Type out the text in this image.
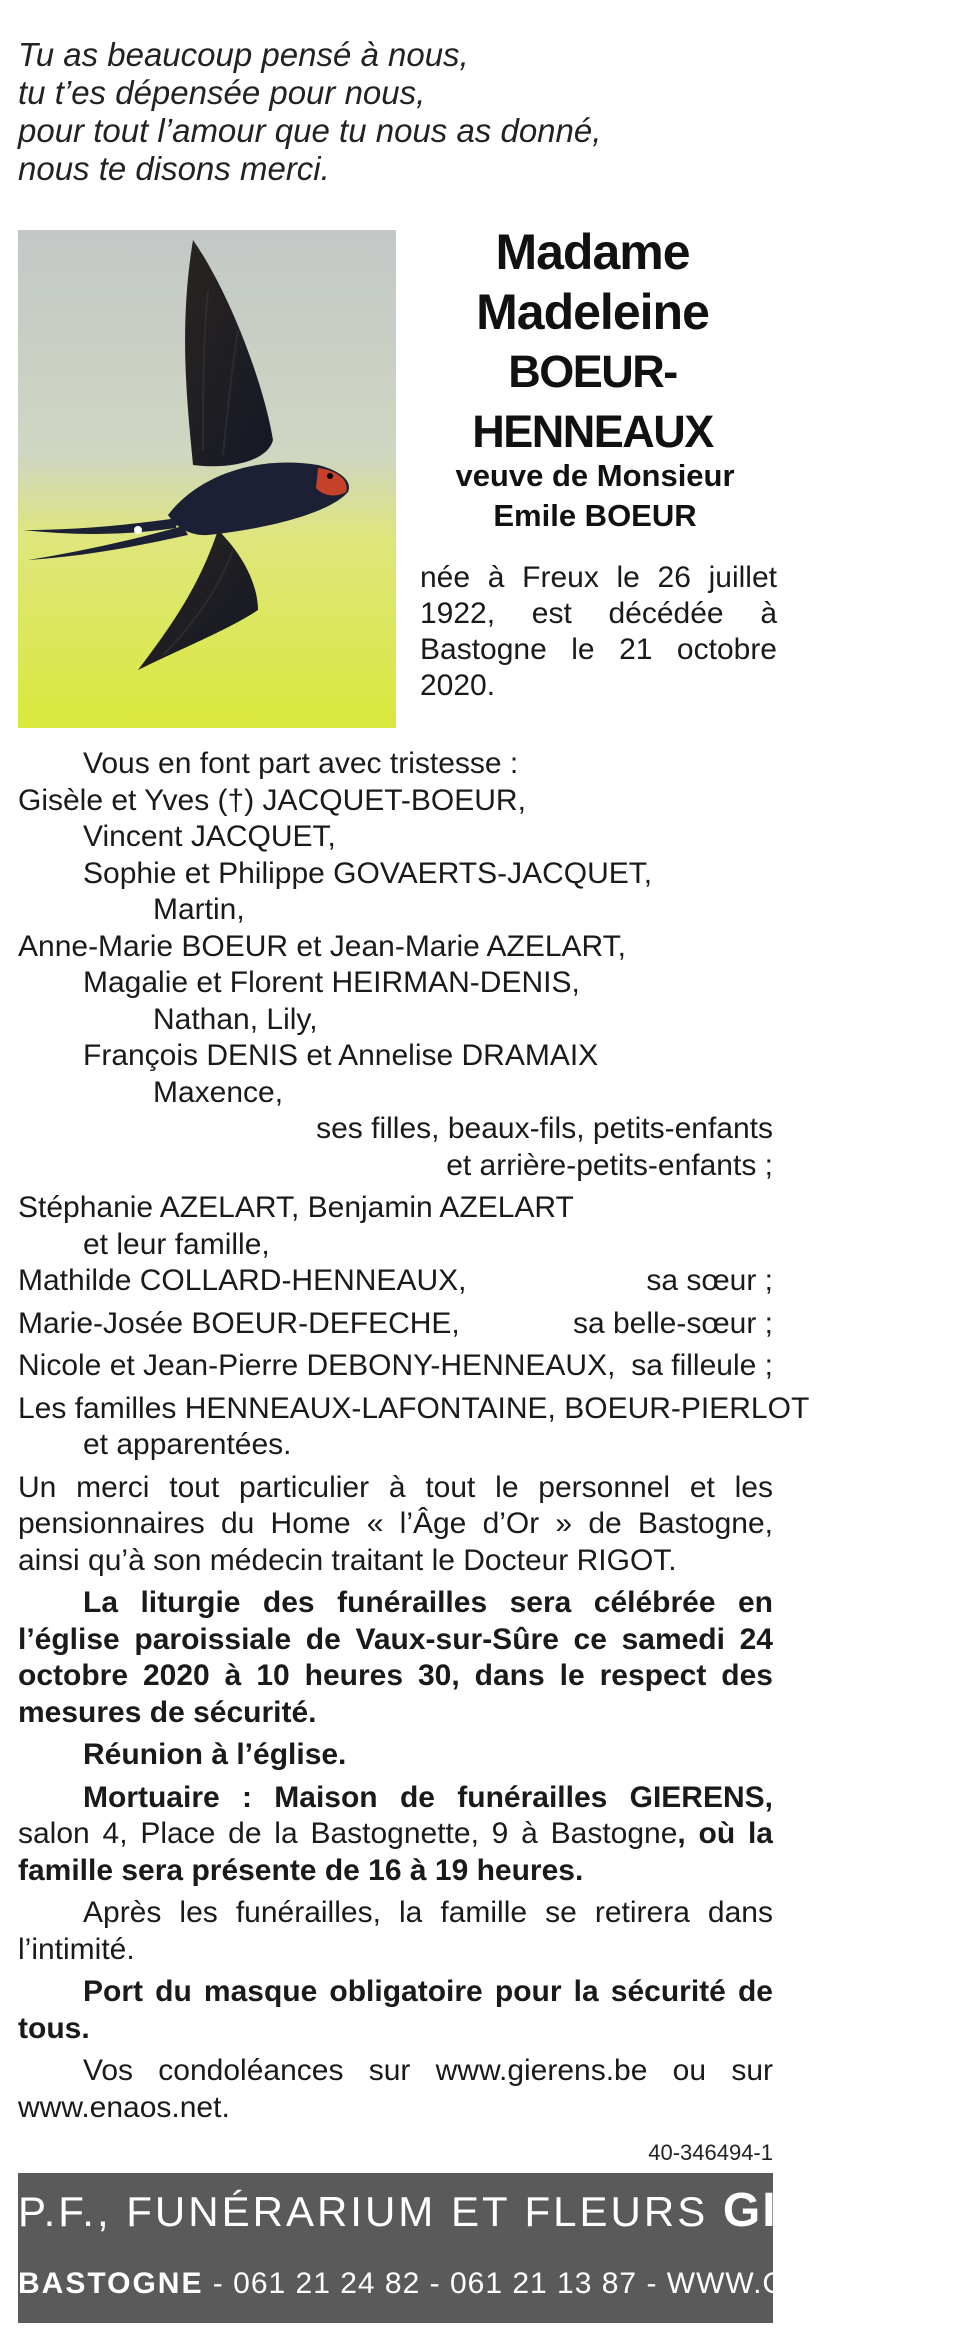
Tu as beaucoup pensé à nous,
tu t’es dépensée pour nous,
pour tout l’amour que tu nous as donné,
nous te disons merci.
Madame
Madeleine
BOEUR-HENNEAUX
veuve de Monsieur
Emile BOEUR
née à Freux le 26 juillet 1922, est décédée à Bastogne le 21 octobre 2020.
Vous en font part avec tristesse :
Gisèle et Yves (†) JACQUET-BOEUR,
Vincent JACQUET,
Sophie et Philippe GOVAERTS-JACQUET,
Martin,
Anne-Marie BOEUR et Jean-Marie AZELART,
Magalie et Florent HEIRMAN-DENIS,
Nathan, Lily,
François DENIS et Annelise DRAMAIX
Maxence,
ses filles, beaux-fils, petits-enfants
et arrière-petits-enfants ;
Stéphanie AZELART, Benjamin AZELART
et leur famille,
Mathilde COLLARD-HENNEAUX,	sa sœur ;
Marie-Josée BOEUR-DEFECHE,	sa belle-sœur ;
Nicole et Jean-Pierre DEBONY-HENNEAUX, sa filleule ;
Les familles HENNEAUX-LAFONTAINE, BOEUR-PIERLOT
et apparentées.
Un merci tout particulier à tout le personnel et les pensionnaires du Home « l’Âge d’Or » de Bastogne, ainsi qu’à son médecin traitant le Docteur RIGOT.
La liturgie des funérailles sera célébrée en l’église paroissiale de Vaux-sur-Sûre ce samedi 24 octobre 2020 à 10 heures 30, dans le respect des mesures de sécurité.
Réunion à l’église.
Mortuaire : Maison de funérailles GIERENS, salon 4, Place de la Bastognette, 9 à Bastogne, où la famille sera présente de 16 à 19 heures.
Après les funérailles, la famille se retirera dans l’intimité.
Port du masque obligatoire pour la sécurité de tous.
Vos condoléances sur www.gierens.be ou sur www.enaos.net.
40-346494-1
P.F., FUNÉRARIUM ET FLEURS GIERENS
BASTOGNE - 061 21 24 82 - 061 21 13 87 - WWW.GIERENS.BE
